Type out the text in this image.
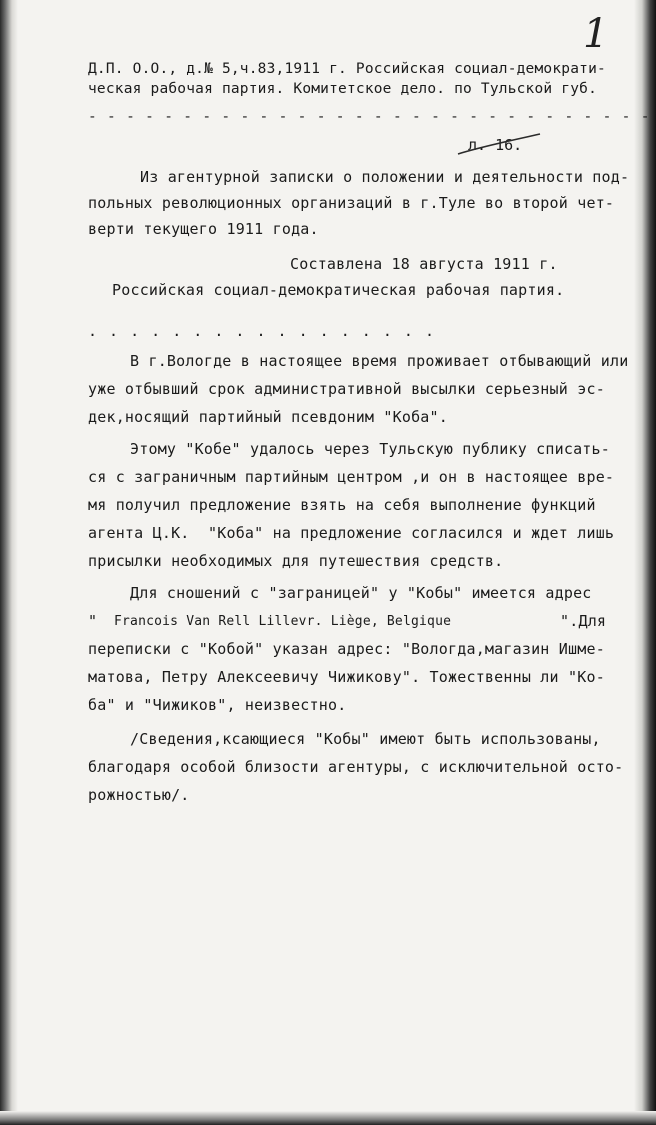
1
Д.П. О.О., д.№ 5,ч.83,1911 г. Российская социал-демократи-
ческая рабочая партия. Комитетское дело. по Тульской губ.
- - - - - - - - - - - - - - - - - - - - - - - - - - - - - -
л. 16.
Из агентурной записки о положении и деятельности под-
польных революционных организаций в г.Туле во второй чет-
верти текущего 1911 года.
Составлена 18 августа 1911 г.
Российская социал-демократическая рабочая партия.
. . . . . . . . . . . . . . . . .
В г.Вологде в настоящее время проживает отбывающий или
уже отбывший срок административной высылки серьезный эс-
дек,носящий партийный псевдоним "Коба".
Этому "Кобе" удалось через Тульскую публику списать-
ся с заграничным партийным центром ,и он в настоящее вре-
мя получил предложение взять на себя выполнение функций
агента Ц.К.  "Коба" на предложение согласился и ждет лишь
присылки необходимых для путешествия средств.
Для сношений с "заграницей" у "Кобы" имеется адрес
" Francois Van Rell Lillevr. Liège, Belgique	".Для
переписки с "Кобой" указан адрес: "Вологда,магазин Ишме-
матова, Петру Алексеевичу Чижикову". Тожественны ли "Ко-
ба" и "Чижиков", неизвестно.
/Сведения,ксающиеся "Кобы" имеют быть использованы,
благодаря особой близости агентуры, с исключительной осто-
рожностью/.
